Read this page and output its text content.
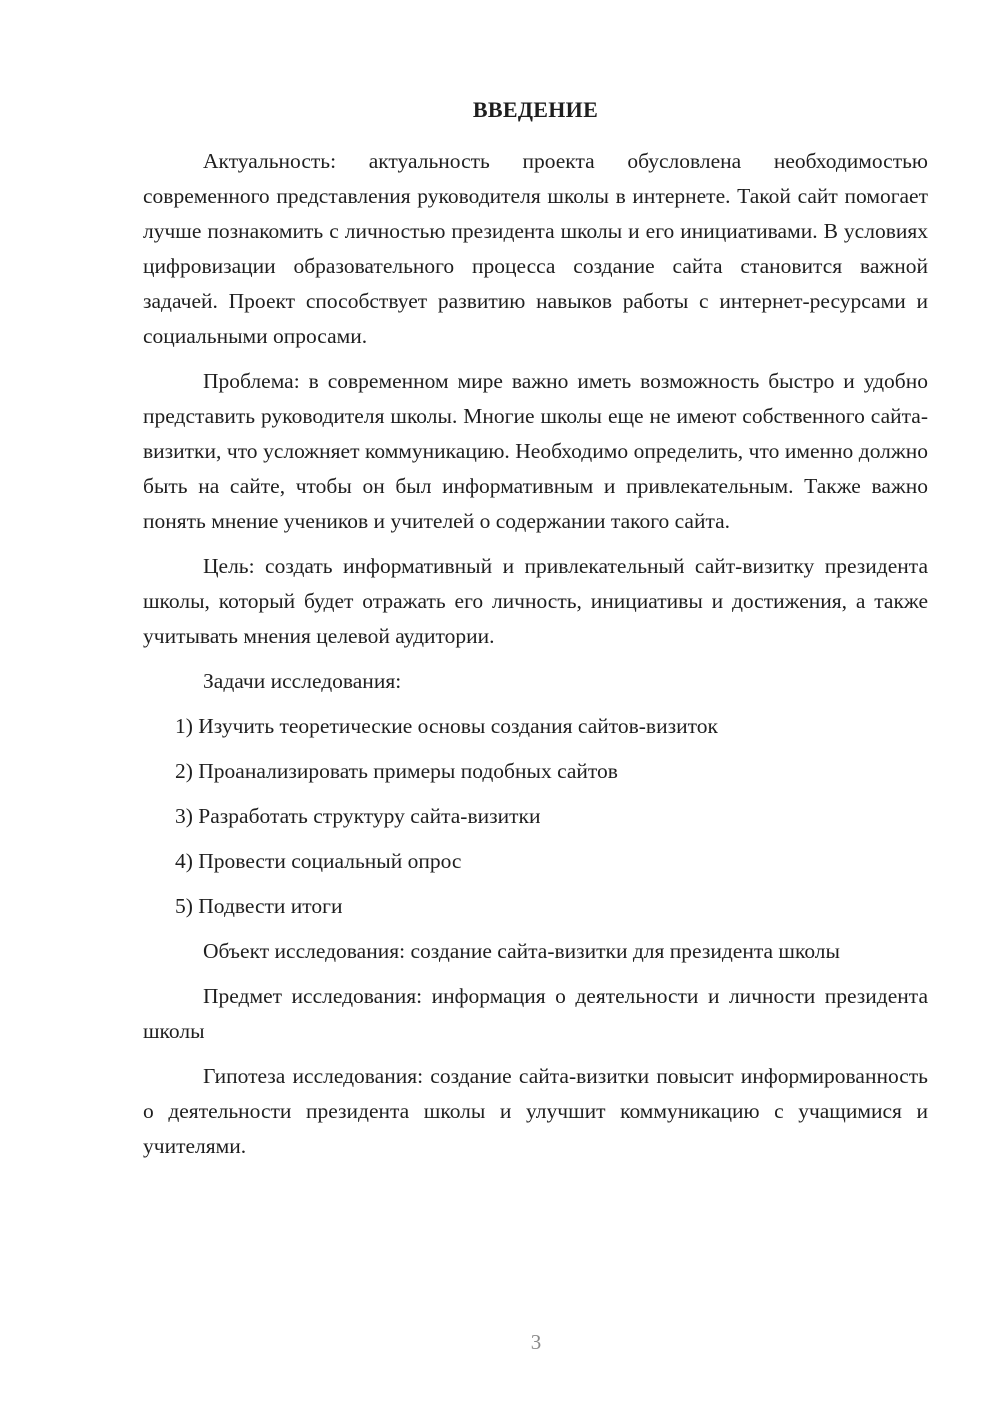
ВВЕДЕНИЕ

Актуальность: актуальность проекта обусловлена необходимостью современного представления руководителя школы в интернете. Такой сайт помогает лучше познакомить с личностью президента школы и его инициативами. В условиях цифровизации образовательного процесса создание сайта становится важной задачей. Проект способствует развитию навыков работы с интернет-ресурсами и социальными опросами.

Проблема: в современном мире важно иметь возможность быстро и удобно представить руководителя школы. Многие школы еще не имеют собственного сайта-визитки, что усложняет коммуникацию. Необходимо определить, что именно должно быть на сайте, чтобы он был информативным и привлекательным. Также важно понять мнение учеников и учителей о содержании такого сайта.

Цель: создать информативный и привлекательный сайт-визитку президента школы, который будет отражать его личность, инициативы и достижения, а также учитывать мнения целевой аудитории.

Задачи исследования:

1) Изучить теоретические основы создания сайтов-визиток
2) Проанализировать примеры подобных сайтов
3) Разработать структуру сайта-визитки
4) Провести социальный опрос
5) Подвести итоги

Объект исследования: создание сайта-визитки для президента школы

Предмет исследования: информация о деятельности и личности президента школы

Гипотеза исследования: создание сайта-визитки повысит информированность о деятельности президента школы и улучшит коммуникацию с учащимися и учителями.

3
